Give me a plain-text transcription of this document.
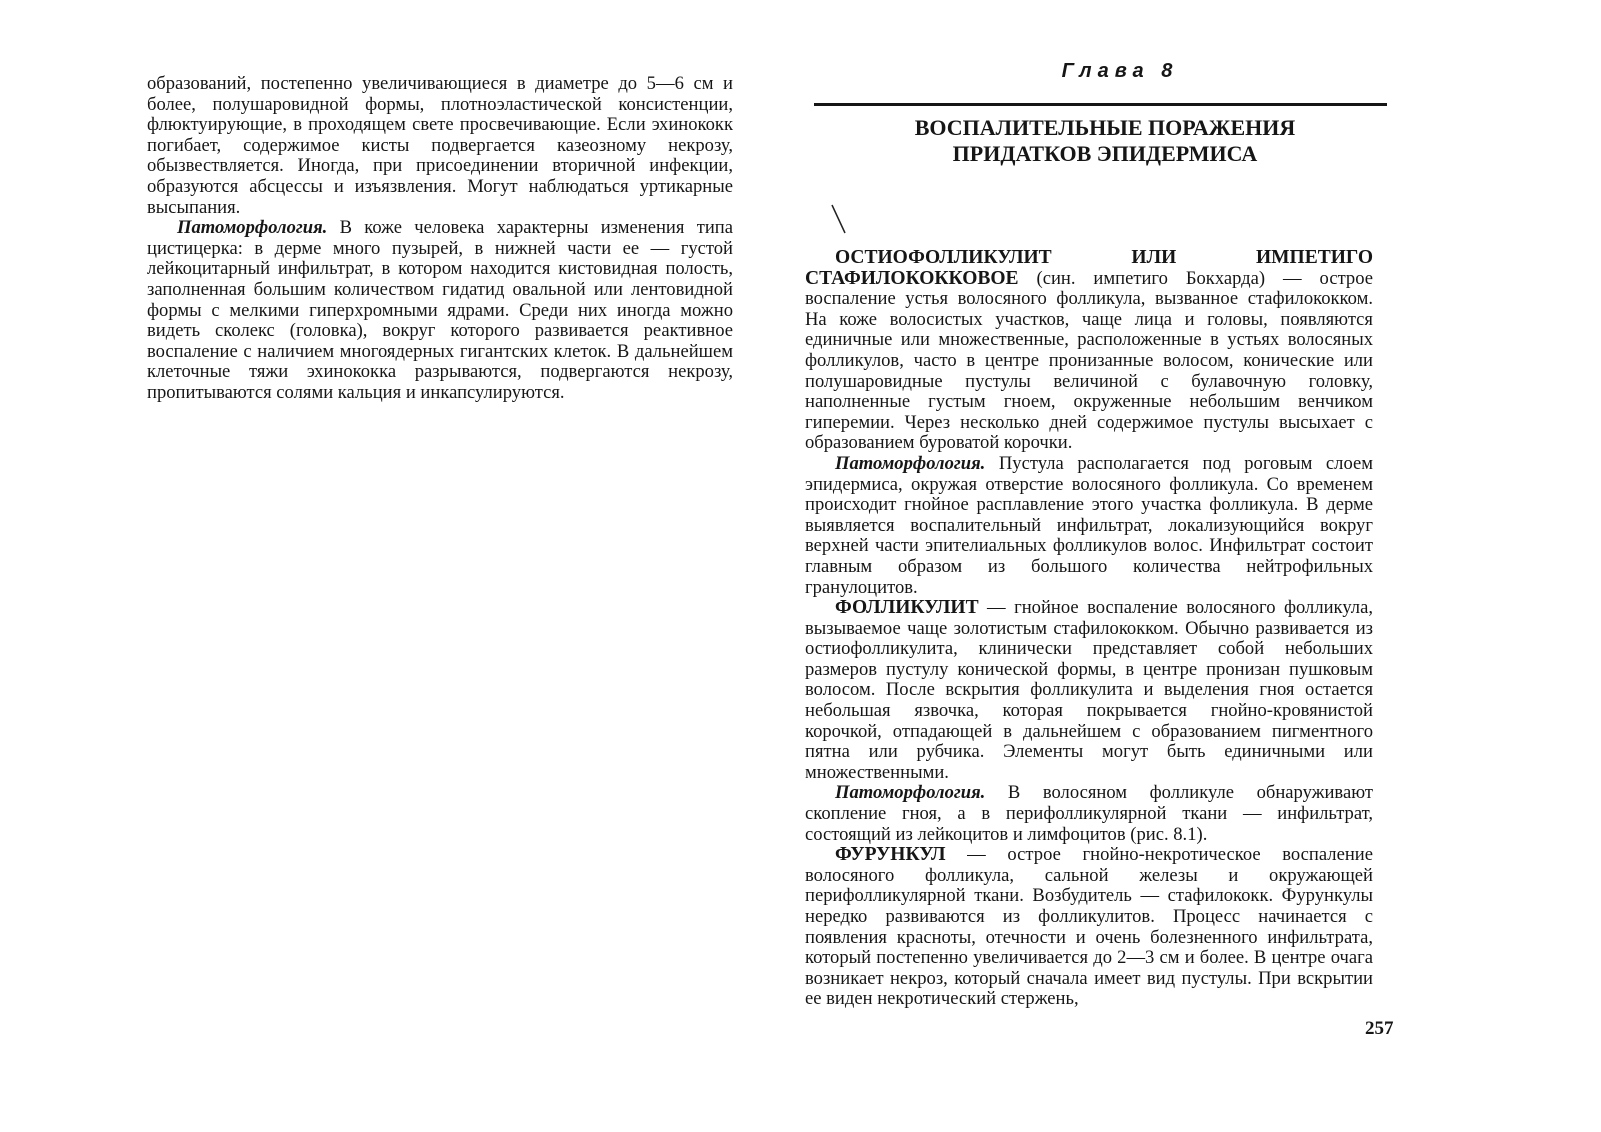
образований, постепенно увеличивающиеся в диаметре до 5—6 см и более, полушаровидной формы, плотноэластической консистенции, флюктуирующие, в проходящем свете просвечивающие. Если эхинококк погибает, содержимое кисты подвергается казеозному некрозу, обызвествляется. Иногда, при присоединении вторичной инфекции, образуются абсцессы и изъязвления. Могут наблюдаться уртикарные высыпания.

Патоморфология. В коже человека характерны изменения типа цистицерка: в дерме много пузырей, в нижней части ее — густой лейкоцитарный инфильтрат, в котором находится кистовидная полость, заполненная большим количеством гидатид овальной или лентовидной формы с мелкими гиперхромными ядрами. Среди них иногда можно видеть сколекс (головка), вокруг которого развивается реактивное воспаление с наличием многоядерных гигантских клеток. В дальнейшем клеточные тяжи эхинококка разрываются, подвергаются некрозу, пропитываются солями кальция и инкапсулируются.

Глава 8

ВОСПАЛИТЕЛЬНЫЕ ПОРАЖЕНИЯ
ПРИДАТКОВ ЭПИДЕРМИСА

ОСТИОФОЛЛИКУЛИТ ИЛИ ИМПЕТИГО СТАФИЛОКОККОВОЕ (син. импетиго Бокхарда) — острое воспаление устья волосяного фолликула, вызванное стафилококком. На коже волосистых участков, чаще лица и головы, появляются единичные или множественные, расположенные в устьях волосяных фолликулов, часто в центре пронизанные волосом, конические или полушаровидные пустулы величиной с булавочную головку, наполненные густым гноем, окруженные небольшим венчиком гиперемии. Через несколько дней содержимое пустулы высыхает с образованием буроватой корочки.

Патоморфология. Пустула располагается под роговым слоем эпидермиса, окружая отверстие волосяного фолликула. Со временем происходит гнойное расплавление этого участка фолликула. В дерме выявляется воспалительный инфильтрат, локализующийся вокруг верхней части эпителиальных фолликулов волос. Инфильтрат состоит главным образом из большого количества нейтрофильных гранулоцитов.

ФОЛЛИКУЛИТ — гнойное воспаление волосяного фолликула, вызываемое чаще золотистым стафилококком. Обычно развивается из остиофолликулита, клинически представляет собой небольших размеров пустулу конической формы, в центре пронизан пушковым волосом. После вскрытия фолликулита и выделения гноя остается небольшая язвочка, которая покрывается гнойно-кровянистой корочкой, отпадающей в дальнейшем с образованием пигментного пятна или рубчика. Элементы могут быть единичными или множественными.

Патоморфология. В волосяном фолликуле обнаруживают скопление гноя, а в перифолликулярной ткани — инфильтрат, состоящий из лейкоцитов и лимфоцитов (рис. 8.1).

ФУРУНКУЛ — острое гнойно-некротическое воспаление волосяного фолликула, сальной железы и окружающей перифолликулярной ткани. Возбудитель — стафилококк. Фурункулы нередко развиваются из фолликулитов. Процесс начинается с появления красноты, отечности и очень болезненного инфильтрата, который постепенно увеличивается до 2—3 см и более. В центре очага возникает некроз, который сначала имеет вид пустулы. При вскрытии ее виден некротический стержень,

257
